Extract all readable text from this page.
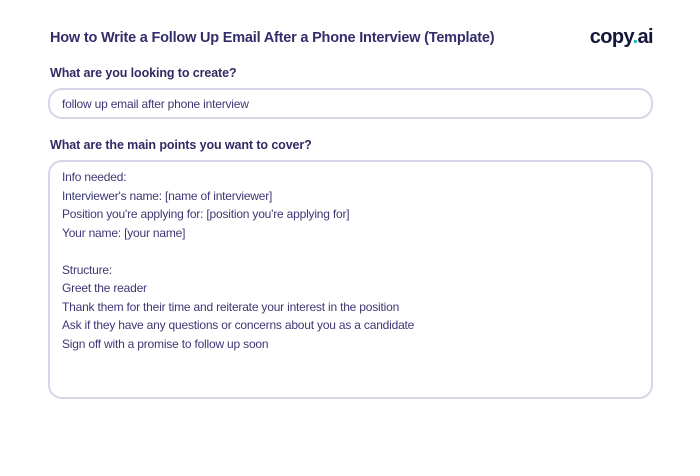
How to Write a Follow Up Email After a Phone Interview (Template)	copy.ai
What are you looking to create?
follow up email after phone interview
What are the main points you want to cover?
Info needed: Interviewer's name: [name of interviewer] Position you're applying for: [position you're applying for] Your name: [your name] Structure: Greet the reader Thank them for their time and reiterate your interest in the position Ask if they have any questions or concerns about you as a candidate Sign off with a promise to follow up soon
